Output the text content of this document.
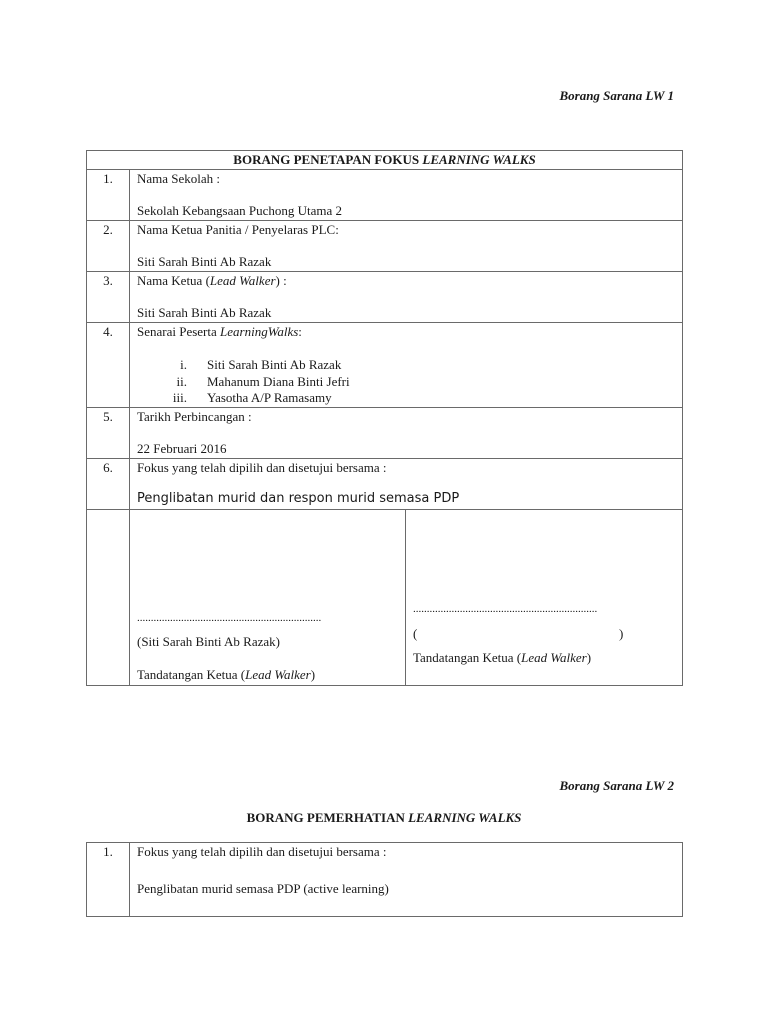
Borang Sarana LW 1
BORANG PENETAPAN FOKUS LEARNING WALKS
1.	Nama Sekolah :
Sekolah Kebangsaan Puchong Utama 2
2.	Nama Ketua Panitia / Penyelaras PLC:
Siti Sarah Binti Ab Razak
3.	Nama Ketua (Lead Walker) :
Siti Sarah Binti Ab Razak
4.	Senarai Peserta LearningWalks:
i. Siti Sarah Binti Ab Razak
ii. Mahanum Diana Binti Jefri
iii. Yasotha A/P Ramasamy
5.	Tarikh Perbincangan :
22 Februari 2016
6.	Fokus yang telah dipilih dan disetujui bersama :
Penglibatan murid dan respon murid semasa PDP
...................................................................
(Siti Sarah Binti Ab Razak)
Tandatangan Ketua (Lead Walker)
...................................................................
(	)
Tandatangan Ketua (Lead Walker)
Borang Sarana LW 2
BORANG PEMERHATIAN LEARNING WALKS
1.	Fokus yang telah dipilih dan disetujui bersama :
Penglibatan murid semasa PDP (active learning)
